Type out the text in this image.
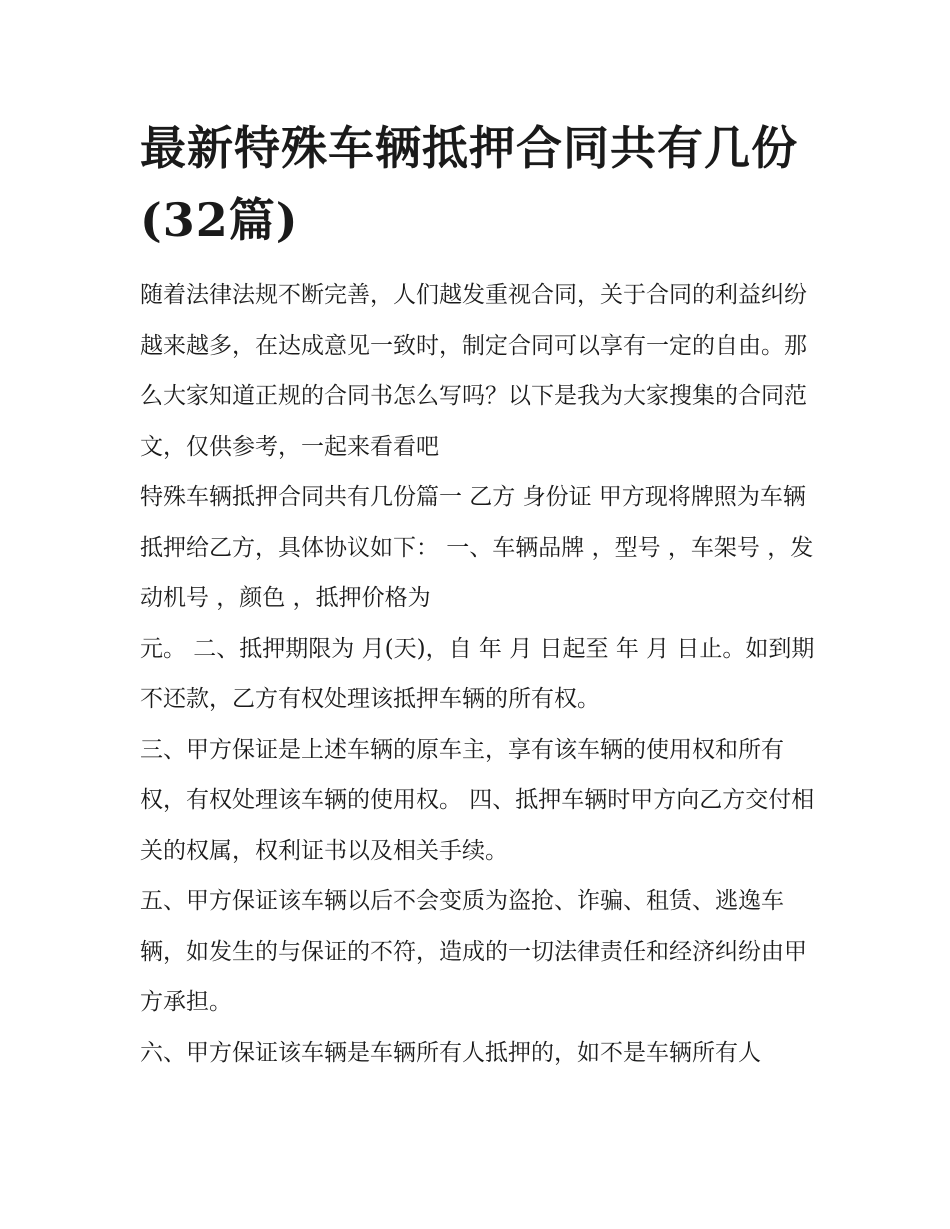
最新特殊车辆抵押合同共有几份(32篇)

随着法律法规不断完善，人们越发重视合同，关于合同的利益纠纷越来越多，在达成意见一致时，制定合同可以享有一定的自由。那么大家知道正规的合同书怎么写吗？以下是我为大家搜集的合同范文，仅供参考，一起来看看吧

特殊车辆抵押合同共有几份篇一 乙方 身份证 甲方现将牌照为车辆抵押给乙方，具体协议如下： 一、车辆品牌 ，型号 ，车架号 ，发动机号 ，颜色 ，抵押价格为

元。 二、抵押期限为 月(天)，自 年 月 日起至 年 月 日止。如到期不还款，乙方有权处理该抵押车辆的所有权。

三、甲方保证是上述车辆的原车主，享有该车辆的使用权和所有权，有权处理该车辆的使用权。 四、抵押车辆时甲方向乙方交付相关的权属，权利证书以及相关手续。

五、甲方保证该车辆以后不会变质为盗抢、诈骗、租赁、逃逸车辆，如发生的与保证的不符，造成的一切法律责任和经济纠纷由甲方承担。

六、甲方保证该车辆是车辆所有人抵押的，如不是车辆所有人
